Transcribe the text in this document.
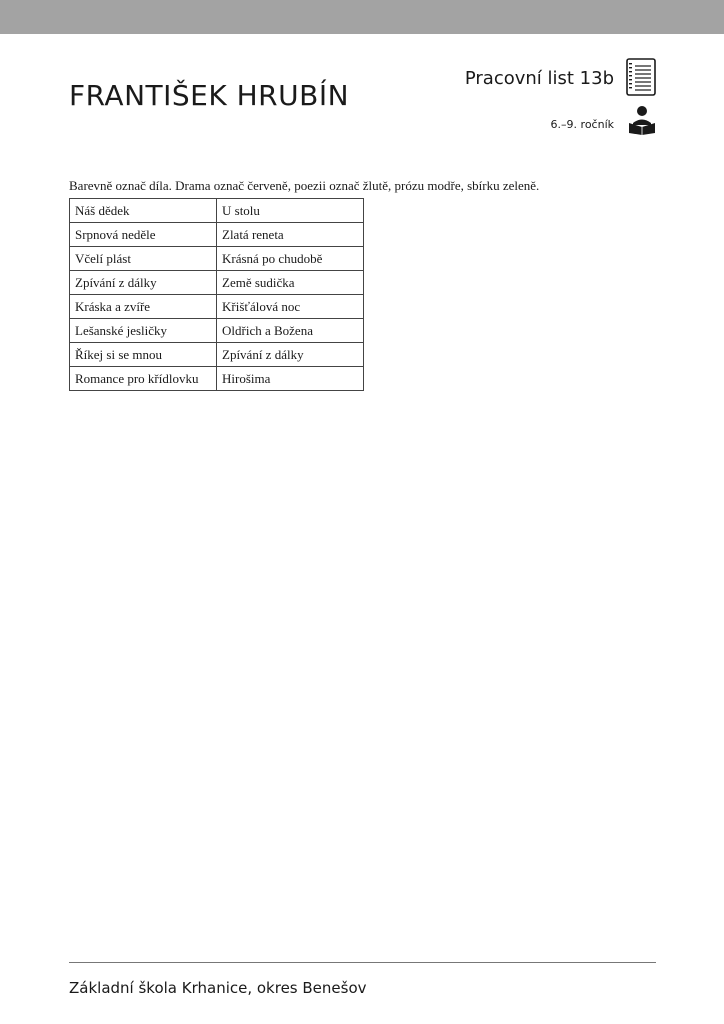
FRANTIŠEK HRUBÍN
Pracovní list 13b
6.–9. ročník

Barevně označ díla. Drama označ červeně, poezii označ žlutě, prózu modře, sbírku zeleně.

Náš dědek	U stolu
Srpnová neděle	Zlatá reneta
Včelí plást	Krásná po chudobě
Zpívání z dálky	Země sudička
Kráska a zvíře	Křišťálová noc
Lešanské jesličky	Oldřich a Božena
Říkej si se mnou	Zpívání z dálky
Romance pro křídlovku	Hirošima
Základní škola Krhanice, okres Benešov
